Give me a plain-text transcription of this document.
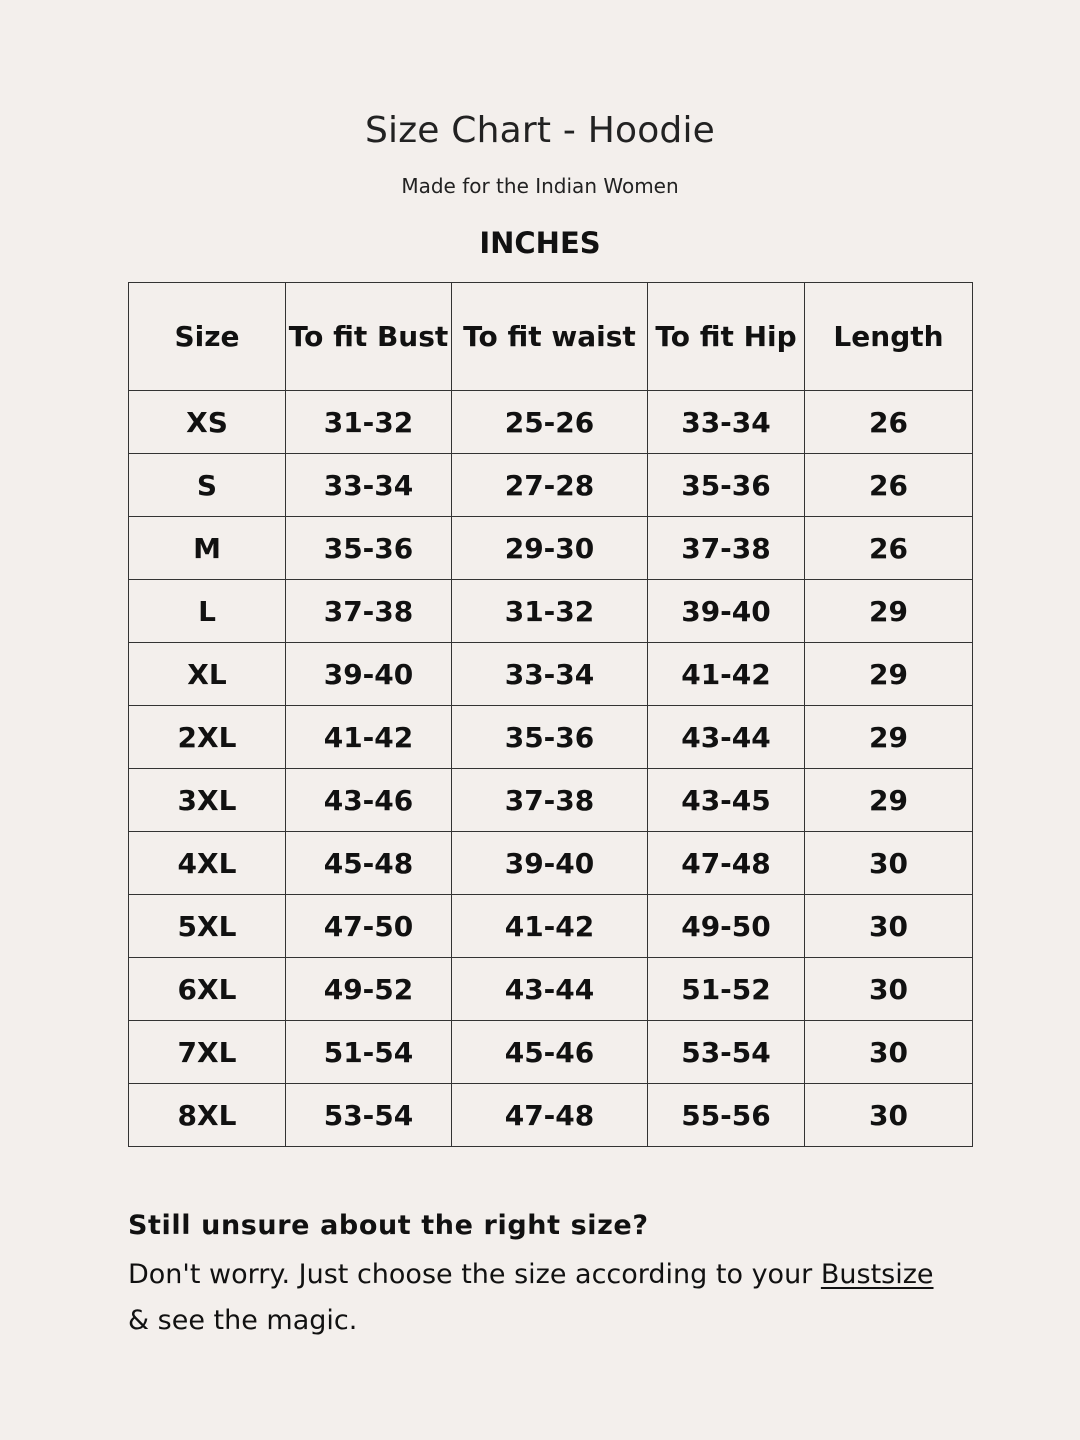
Size Chart - Hoodie
Made for the Indian Women
INCHES
Size	To fit Bust	To fit waist	To fit Hip	Length
XS	31-32	25-26	33-34	26
S	33-34	27-28	35-36	26
M	35-36	29-30	37-38	26
L	37-38	31-32	39-40	29
XL	39-40	33-34	41-42	29
2XL	41-42	35-36	43-44	29
3XL	43-46	37-38	43-45	29
4XL	45-48	39-40	47-48	30
5XL	47-50	41-42	49-50	30
6XL	49-52	43-44	51-52	30
7XL	51-54	45-46	53-54	30
8XL	53-54	47-48	55-56	30
Still unsure about the right size?
Don't worry. Just choose the size according to your Bustsize & see the magic.
